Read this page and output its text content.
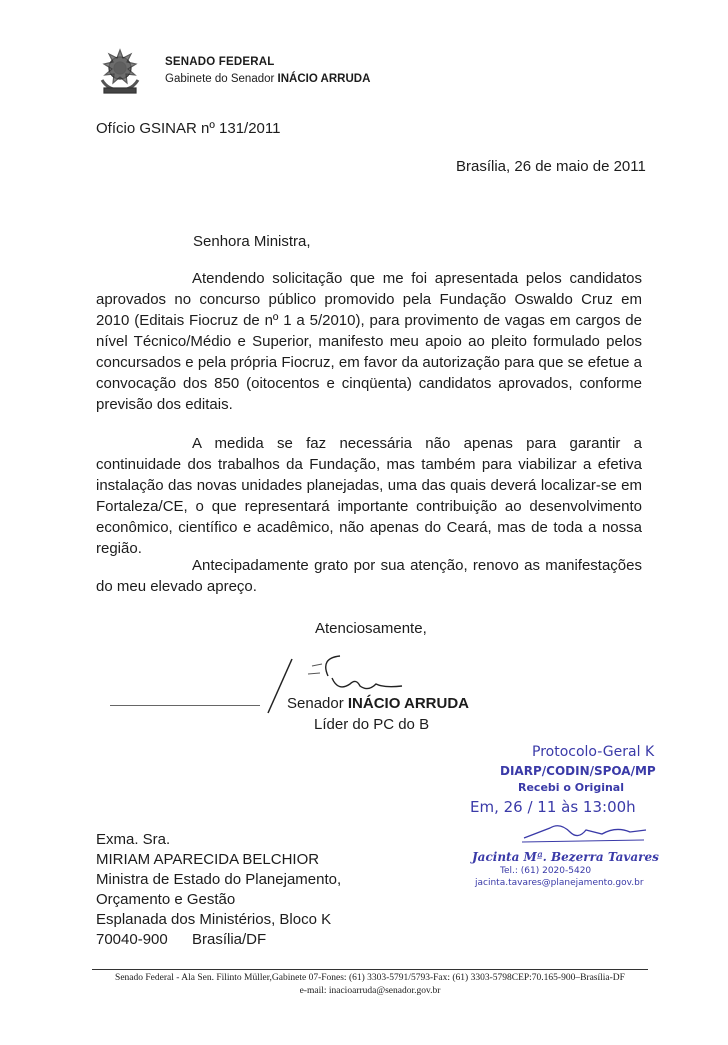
SENADO FEDERAL
Gabinete do Senador INÁCIO ARRUDA
Ofício GSINAR nº 131/2011
Brasília, 26 de maio de 2011
Senhora Ministra,

Atendendo solicitação que me foi apresentada pelos candidatos aprovados no concurso público promovido pela Fundação Oswaldo Cruz em 2010 (Editais Fiocruz de nº 1 a 5/2010), para provimento de vagas em cargos de nível Técnico/Médio e Superior, manifesto meu apoio ao pleito formulado pelos concursados e pela própria Fiocruz, em favor da autorização para que se efetue a convocação dos 850 (oitocentos e cinqüenta) candidatos aprovados, conforme previsão dos editais.

A medida se faz necessária não apenas para garantir a continuidade dos trabalhos da Fundação, mas também para viabilizar a efetiva instalação das novas unidades planejadas, uma das quais deverá localizar-se em Fortaleza/CE, o que representará importante contribuição ao desenvolvimento econômico, científico e acadêmico, não apenas do Ceará, mas de toda a nossa região.

Antecipadamente grato por sua atenção, renovo as manifestações do meu elevado apreço.

Atenciosamente,
Senador INÁCIO ARRUDA
Líder do PC do B
Protocolo-Geral K
DIARP/CODIN/SPOA/MP
Recebi o Original
Em, 26 / 11 às 13:00h
Jacinta Mª. Bezerra Tavares
Tel.: (61) 2020-5420
jacinta.tavares@planejamento.gov.br
Exma. Sra.
MIRIAM APARECIDA BELCHIOR
Ministra de Estado do Planejamento,
Orçamento e Gestão
Esplanada dos Ministérios, Bloco K
70040-900 Brasília/DF
Senado Federal - Ala Sen. Filinto Müller,Gabinete 07-Fones: (61) 3303-5791/5793-Fax: (61) 3303-5798CEP:70.165-900–Brasília-DF
e-mail: inacioarruda@senador.gov.br
